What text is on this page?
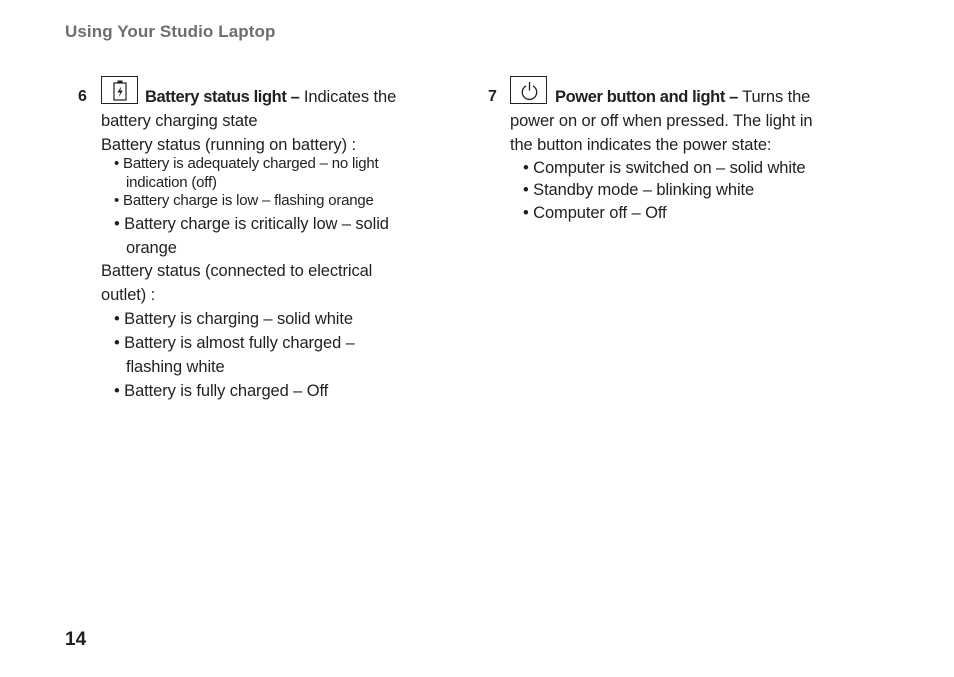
Using Your Studio Laptop
6	Battery status light – Indicates the
battery charging state
Battery status (running on battery) :
• Battery is adequately charged – no light
indication (off)
• Battery charge is low – flashing orange
• Battery charge is critically low – solid
orange
Battery status (connected to electrical
outlet) :
• Battery is charging – solid white
• Battery is almost fully charged –
flashing white
• Battery is fully charged – Off
7	Power button and light – Turns the
power on or off when pressed. The light in
the button indicates the power state:
• Computer is switched on – solid white
• Standby mode – blinking white
• Computer off – Off
14
